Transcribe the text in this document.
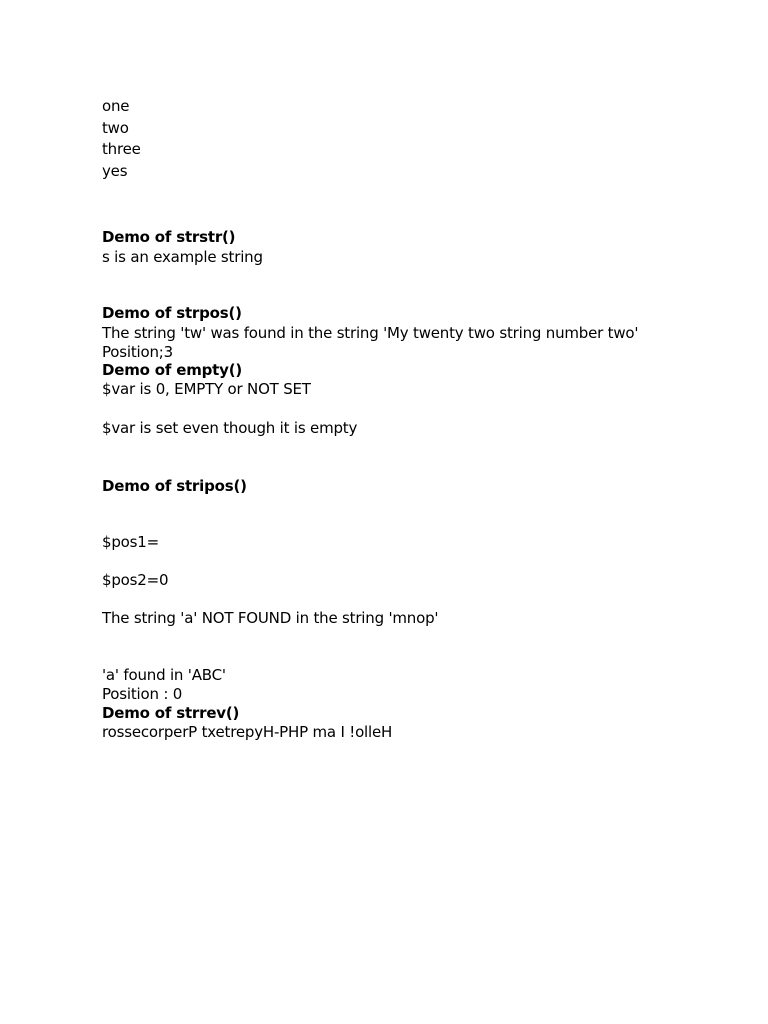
one
two
three
yes
Demo of strstr()
s is an example string
Demo of strpos()
The string 'tw' was found in the string 'My twenty two string number two'
Position;3
Demo of empty()
$var is 0, EMPTY or NOT SET
$var is set even though it is empty
Demo of stripos()
$pos1=
$pos2=0
The string 'a' NOT FOUND in the string 'mnop'
'a' found in 'ABC'
Position : 0
Demo of strrev()
rossecorperP txetrepyH-PHP ma I !olleH
